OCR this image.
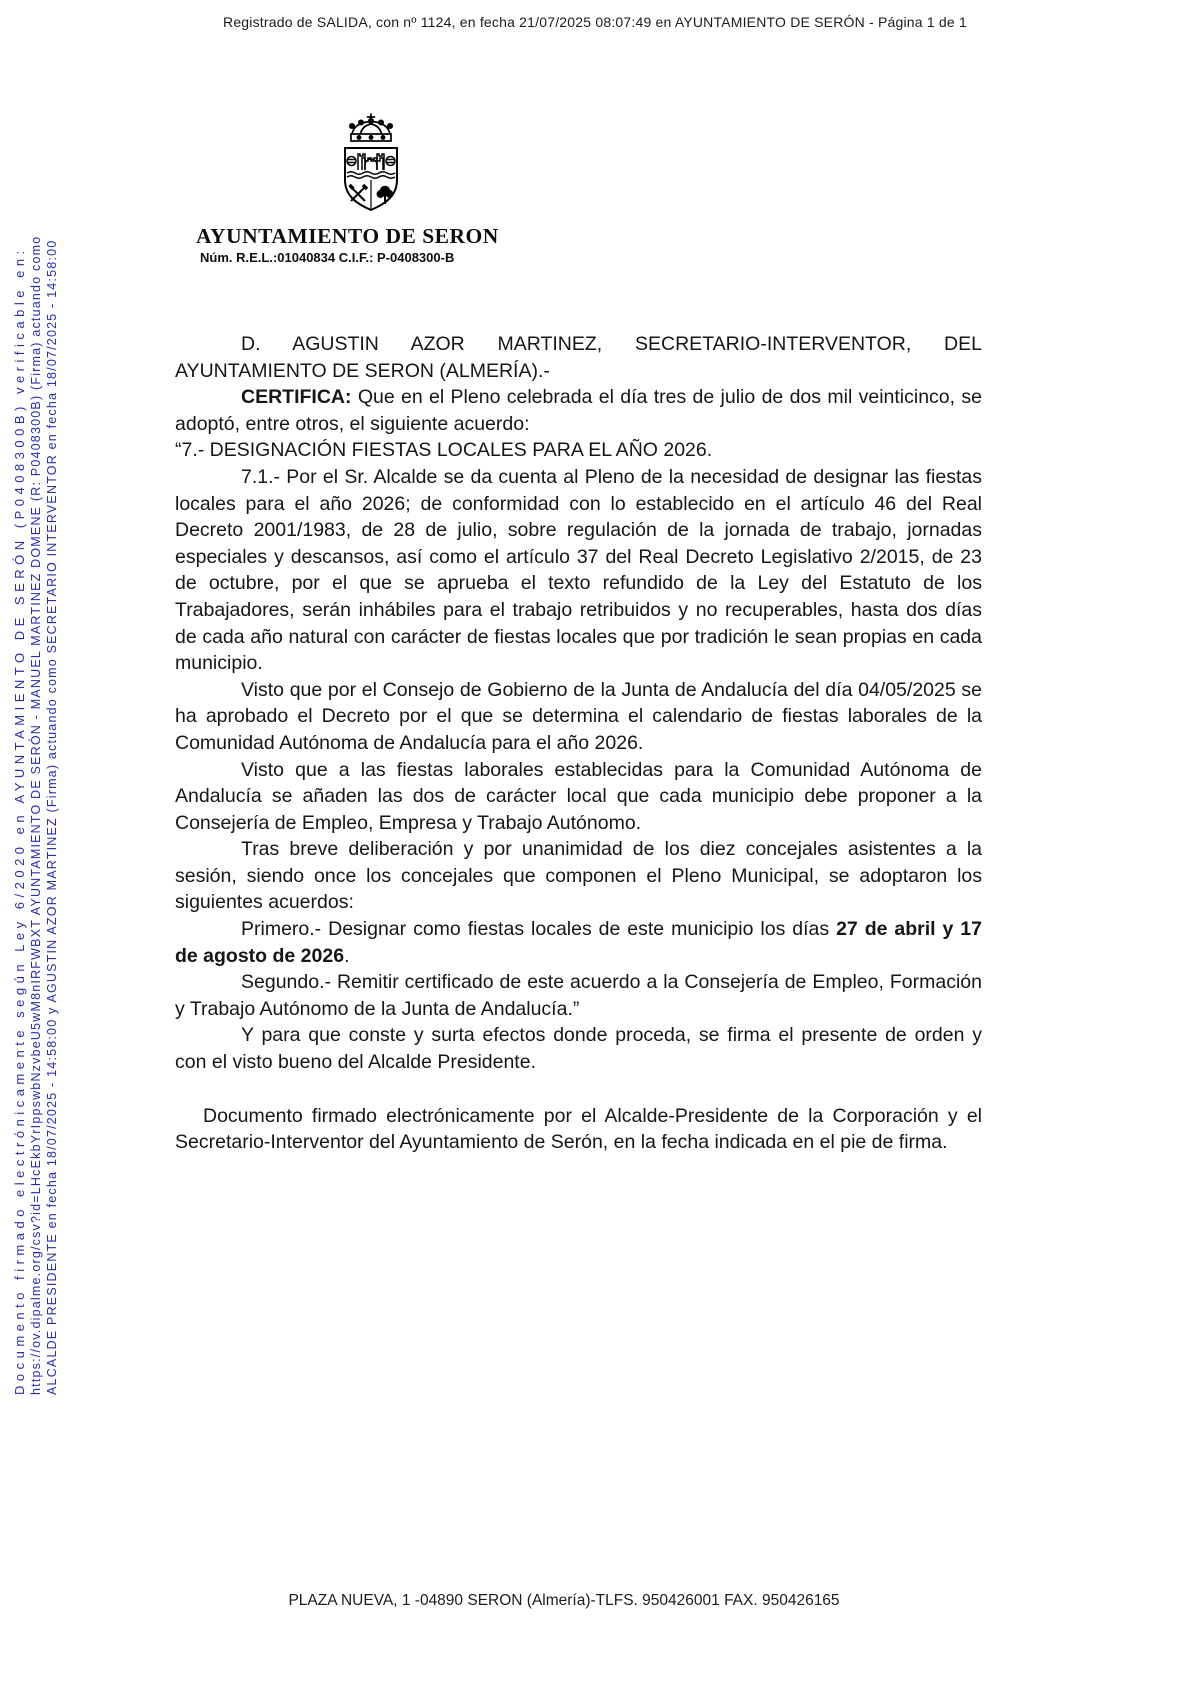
Registrado de SALIDA, con nº 1124, en fecha 21/07/2025 08:07:49 en AYUNTAMIENTO DE SERÓN - Página 1 de 1
Documento firmado electrónicamente según Ley 6/2020 en AYUNTAMIENTO DE SERÓN (P0408300B) verificable en: https://ov.dipalme.org/csv?id=LHcEkbYrIppswbNzvbeU5wM8nIRFWBXT AYUNTAMIENTO DE SERÓN - MANUEL MARTINEZ DOMENE (R: P0408300B) (Firma) actuando como ALCALDE PRESIDENTE en fecha 18/07/2025 - 14:58:00 y AGUSTIN AZOR MARTINEZ (Firma) actuando como SECRETARIO INTERVENTOR en fecha 18/07/2025 - 14:58:00
AYUNTAMIENTO DE SERON
Núm. R.E.L.:01040834 C.I.F.: P-0408300-B

D. AGUSTIN AZOR MARTINEZ, SECRETARIO-INTERVENTOR, DEL AYUNTAMIENTO DE SERON (ALMERÍA).-

CERTIFICA: Que en el Pleno celebrada el día tres de julio de dos mil veinticinco, se adoptó, entre otros, el siguiente acuerdo:

“7.- DESIGNACIÓN FIESTAS LOCALES PARA EL AÑO 2026.

7.1.- Por el Sr. Alcalde se da cuenta al Pleno de la necesidad de designar las fiestas locales para el año 2026; de conformidad con lo establecido en el artículo 46 del Real Decreto 2001/1983, de 28 de julio, sobre regulación de la jornada de trabajo, jornadas especiales y descansos, así como el artículo 37 del Real Decreto Legislativo 2/2015, de 23 de octubre, por el que se aprueba el texto refundido de la Ley del Estatuto de los Trabajadores, serán inhábiles para el trabajo retribuidos y no recuperables, hasta dos días de cada año natural con carácter de fiestas locales que por tradición le sean propias en cada municipio.

Visto que por el Consejo de Gobierno de la Junta de Andalucía del día 04/05/2025 se ha aprobado el Decreto por el que se determina el calendario de fiestas laborales de la Comunidad Autónoma de Andalucía para el año 2026.

Visto que a las fiestas laborales establecidas para la Comunidad Autónoma de Andalucía se añaden las dos de carácter local que cada municipio debe proponer a la Consejería de Empleo, Empresa y Trabajo Autónomo.

Tras breve deliberación y por unanimidad de los diez concejales asistentes a la sesión, siendo once los concejales que componen el Pleno Municipal, se adoptaron los siguientes acuerdos:

Primero.- Designar como fiestas locales de este municipio los días 27 de abril y 17 de agosto de 2026.

Segundo.- Remitir certificado de este acuerdo a la Consejería de Empleo, Formación y Trabajo Autónomo de la Junta de Andalucía.”

Y para que conste y surta efectos donde proceda, se firma el presente de orden y con el visto bueno del Alcalde Presidente.

Documento firmado electrónicamente por el Alcalde-Presidente de la Corporación y el Secretario-Interventor del Ayuntamiento de Serón, en la fecha indicada en el pie de firma.

PLAZA NUEVA, 1 -04890 SERON (Almería)-TLFS. 950426001 FAX. 950426165
